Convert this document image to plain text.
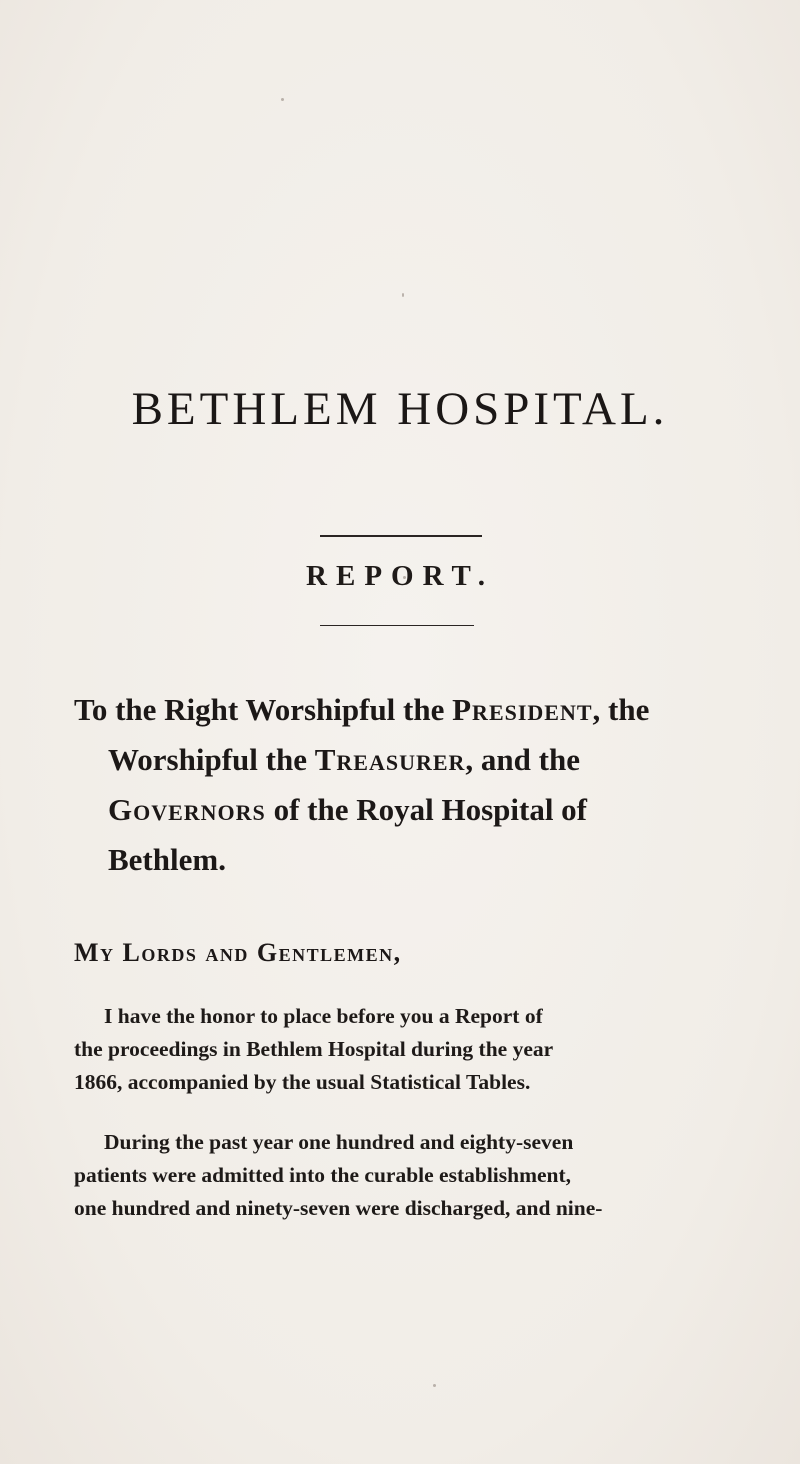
BETHLEM HOSPITAL.
REPORT.

To the Right Worshipful the President, the
Worshipful the Treasurer, and the
Governors of the Royal Hospital of
Bethlem.

My Lords and Gentlemen,

I have the honor to place before you a Report of
the proceedings in Bethlem Hospital during the year
1866, accompanied by the usual Statistical Tables.

During the past year one hundred and eighty-seven
patients were admitted into the curable establishment,
one hundred and ninety-seven were discharged, and nine-
